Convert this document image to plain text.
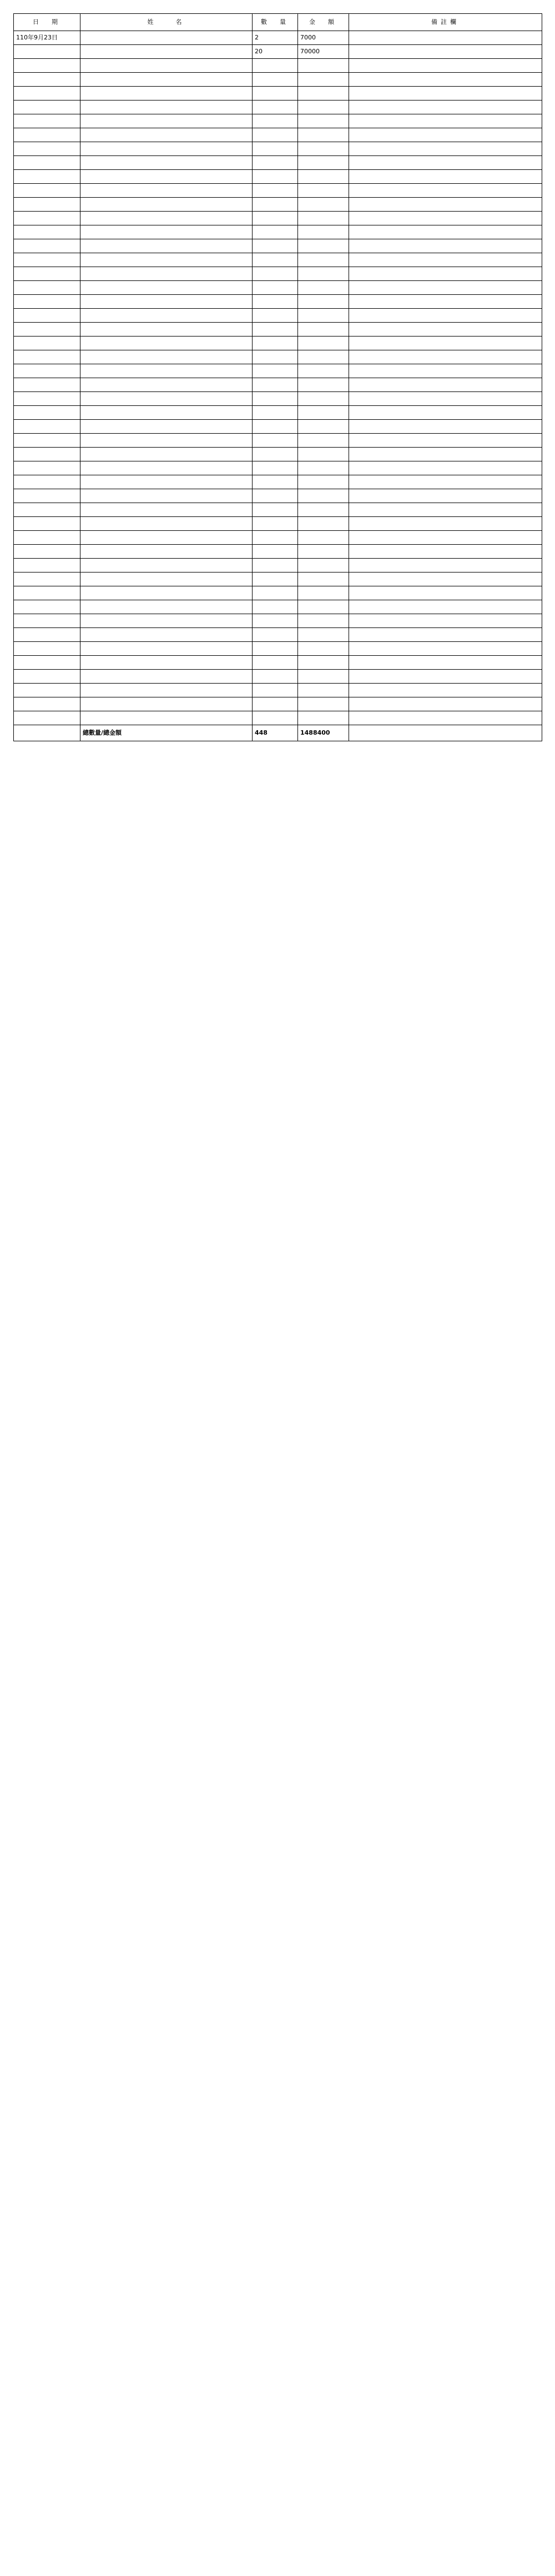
日　期	姓　　名	數　量	金　額	備註欄
110年9月23日		2	7000	
		20	70000	

	總數量/總金額	448	1488400	
